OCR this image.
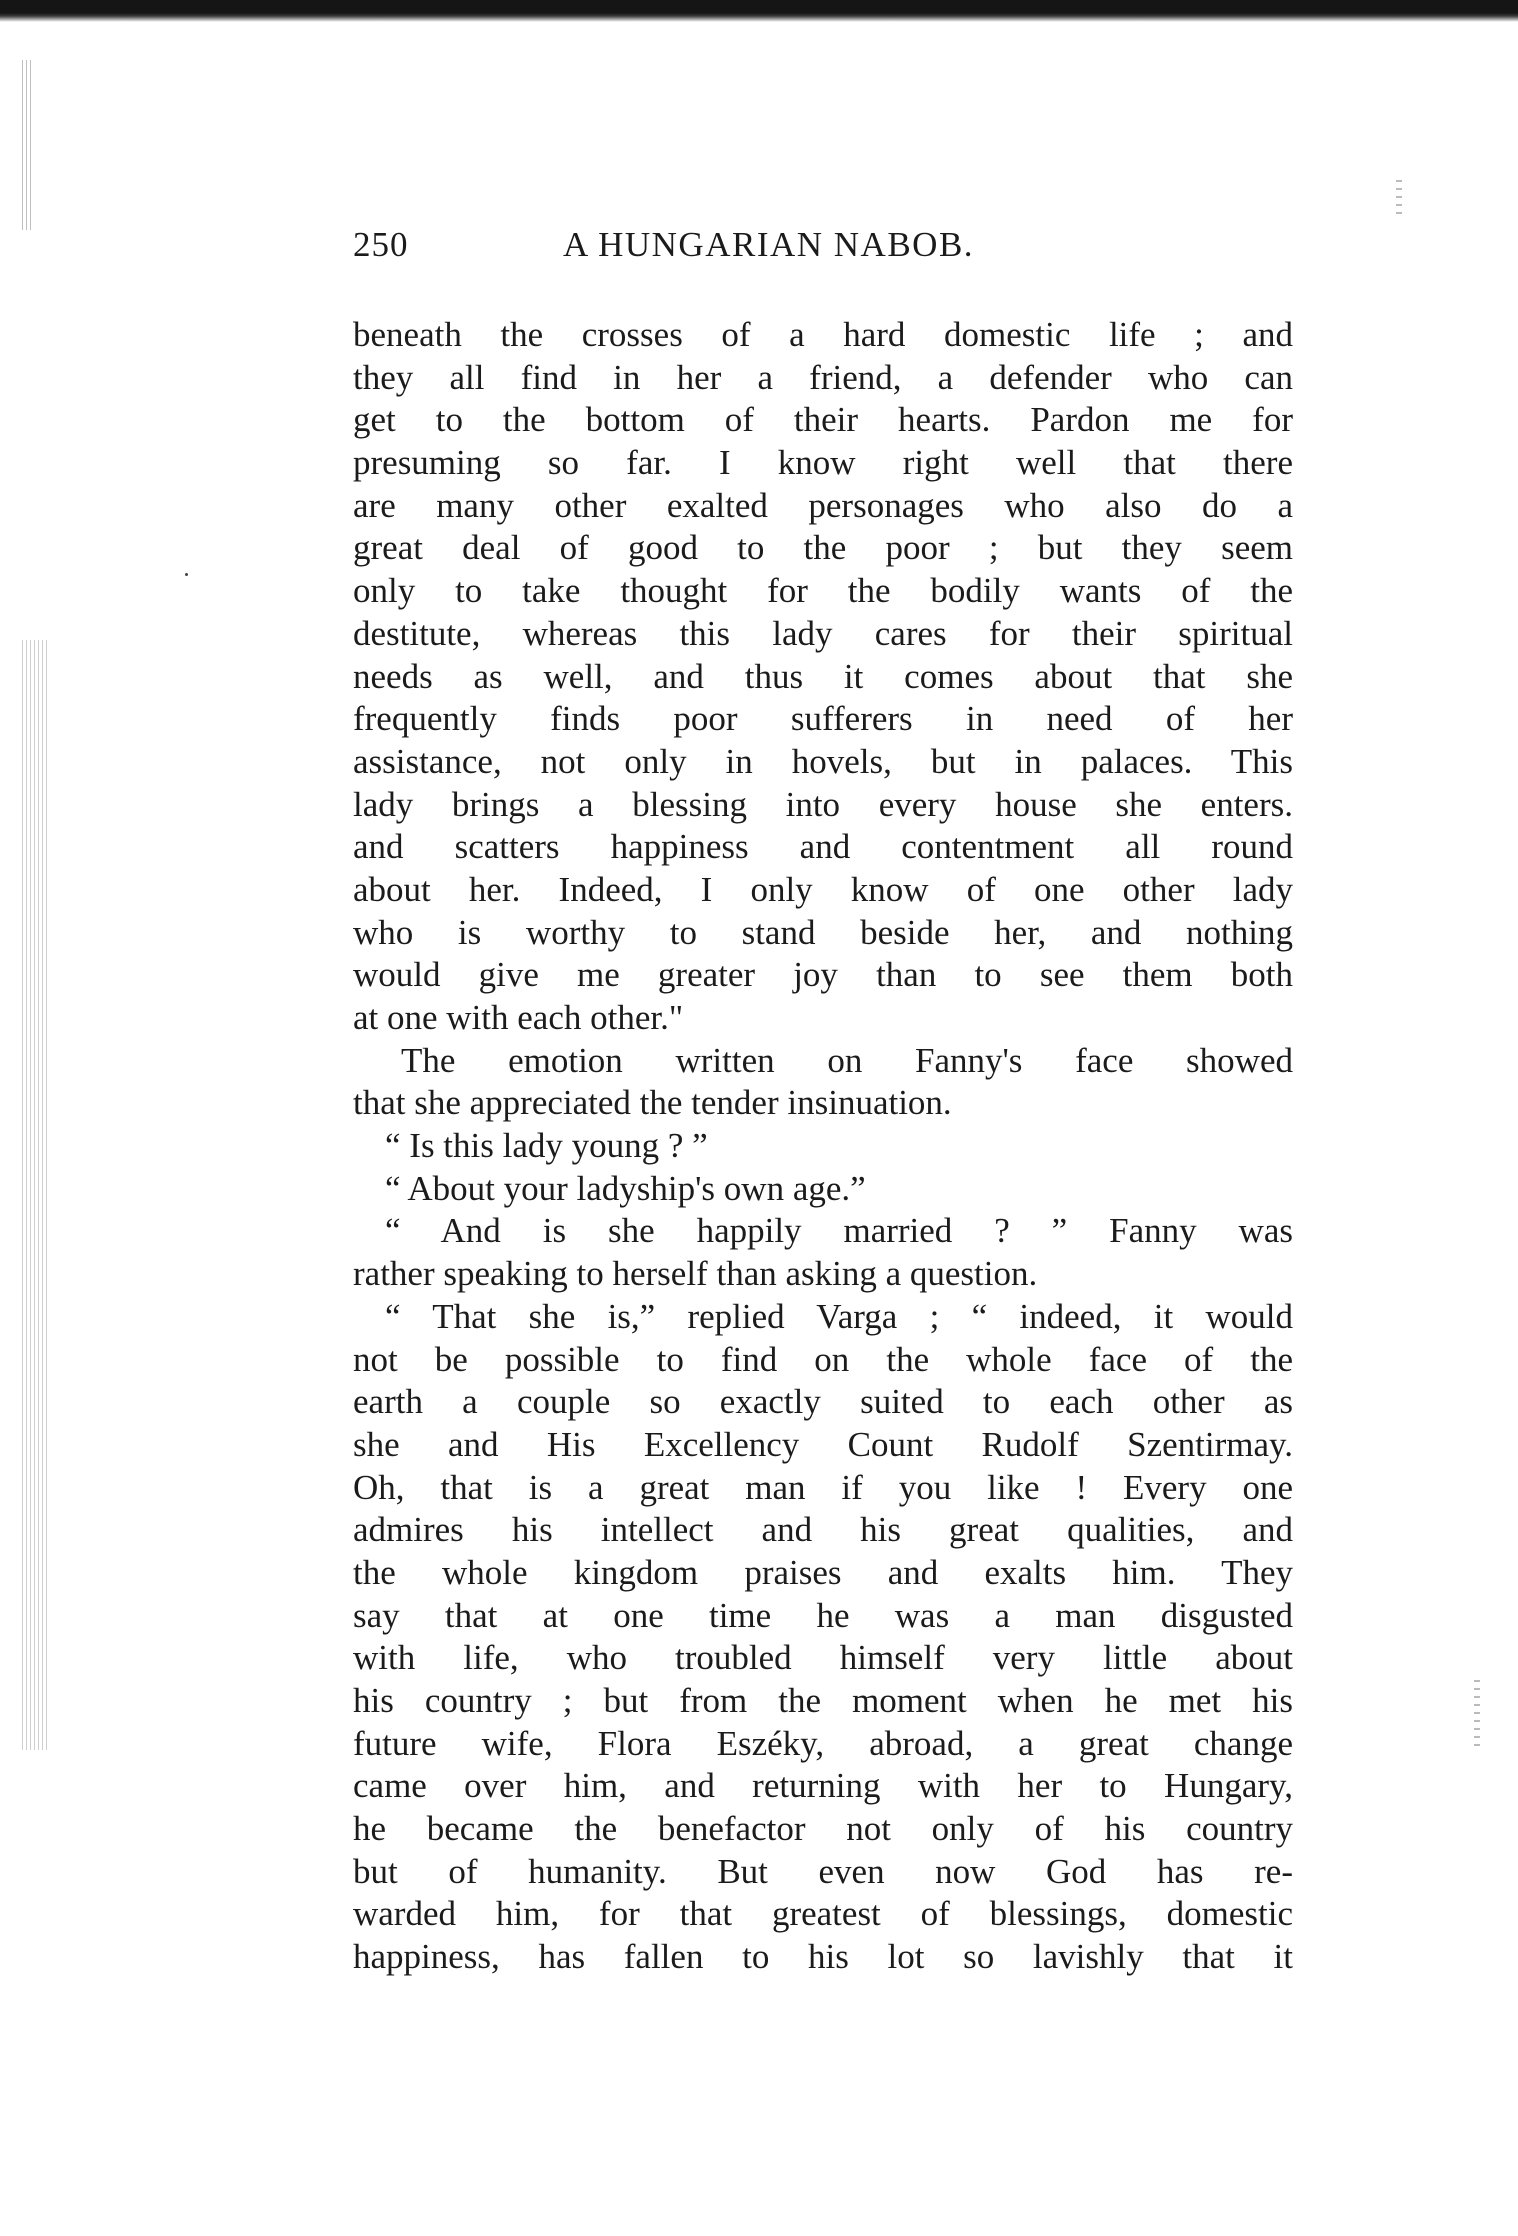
250	A HUNGARIAN NABOB.
beneath the crosses of a hard domestic life ; and
they all find in her a friend, a defender who can
get to the bottom of their hearts. Pardon me for
presuming so far. I know right well that there
are many other exalted personages who also do a
great deal of good to the poor ; but they seem
only to take thought for the bodily wants of the
destitute, whereas this lady cares for their spiritual
needs as well, and thus it comes about that she
frequently finds poor sufferers in need of her
assistance, not only in hovels, but in palaces. This
lady brings a blessing into every house she enters.
and scatters happiness and contentment all round
about her. Indeed, I only know of one other lady
who is worthy to stand beside her, and nothing
would give me greater joy than to see them both
at one with each other."
The emotion written on Fanny's face showed
that she appreciated the tender insinuation.
“ Is this lady young ? ”
“ About your ladyship's own age.”
“ And is she happily married ? ” Fanny was
rather speaking to herself than asking a question.
“ That she is,” replied Varga ; “ indeed, it would
not be possible to find on the whole face of the
earth a couple so exactly suited to each other as
she and His Excellency Count Rudolf Szentirmay.
Oh, that is a great man if you like ! Every one
admires his intellect and his great qualities, and
the whole kingdom praises and exalts him. They
say that at one time he was a man disgusted
with life, who troubled himself very little about
his country ; but from the moment when he met his
future wife, Flora Eszéky, abroad, a great change
came over him, and returning with her to Hungary,
he became the benefactor not only of his country
but of humanity. But even now God has re-
warded him, for that greatest of blessings, domestic
happiness, has fallen to his lot so lavishly that it
